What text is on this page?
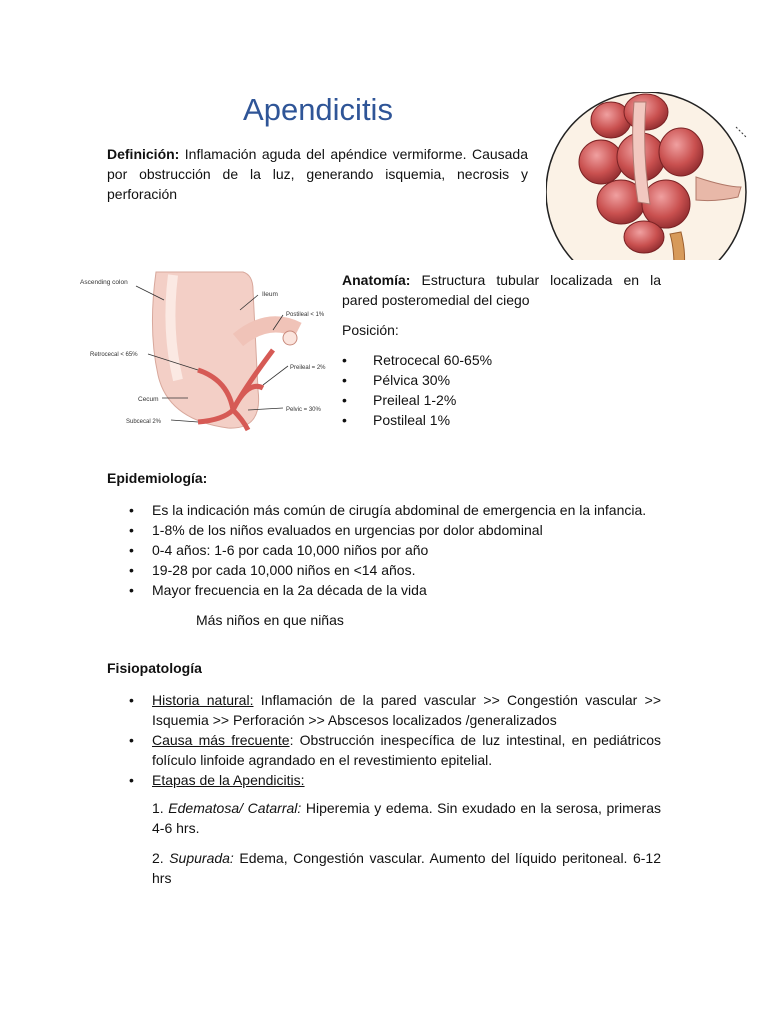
Apendicitis
Definición: Inflamación aguda del apéndice vermiforme. Causada por obstrucción de la luz, generando isquemia, necrosis y perforación
Ascending colon
Ileum
Postileal < 1%
Retrocecal < 65%
Preileal = 2%
Cecum
Pelvic = 30%
Subcecal 2%
Anatomía: Estructura tubular localizada en la pared posteromedial del ciego
Posición:
• Retrocecal 60-65%
• Pélvica 30%
• Preileal 1-2%
• Postileal 1%
Epidemiología:
• Es la indicación más común de cirugía abdominal de emergencia en la infancia.
• 1-8% de los niños evaluados en urgencias por dolor abdominal
• 0-4 años: 1-6 por cada 10,000 niños por año
• 19-28 por cada 10,000 niños en <14 años.
• Mayor frecuencia en la 2a década de la vida
Más niños en que niñas
Fisiopatología
• Historia natural: Inflamación de la pared vascular >> Congestión vascular >> Isquemia >> Perforación >> Abscesos localizados /generalizados
• Causa más frecuente: Obstrucción inespecífica de luz intestinal, en pediátricos folículo linfoide agrandado en el revestimiento epitelial.
• Etapas de la Apendicitis:
1. Edematosa/ Catarral: Hiperemia y edema. Sin exudado en la serosa, primeras 4-6 hrs.
2. Supurada: Edema, Congestión vascular. Aumento del líquido peritoneal. 6-12 hrs
